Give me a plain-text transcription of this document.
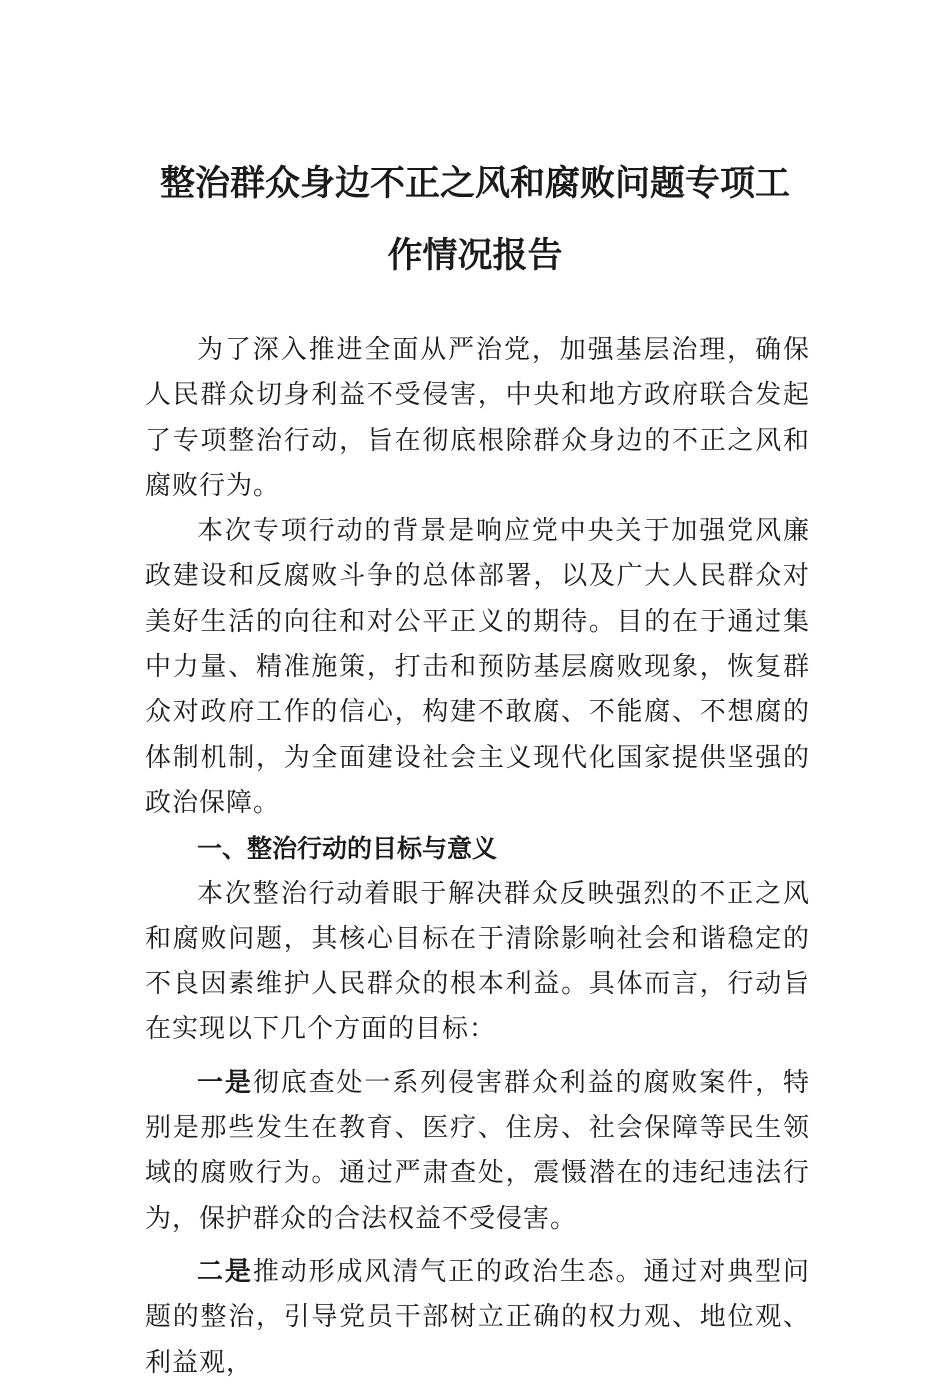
整治群众身边不正之风和腐败问题专项工
作情况报告

为了深入推进全面从严治党，加强基层治理，确保人民群众切身利益不受侵害，中央和地方政府联合发起了专项整治行动，旨在彻底根除群众身边的不正之风和腐败行为。

本次专项行动的背景是响应党中央关于加强党风廉政建设和反腐败斗争的总体部署，以及广大人民群众对美好生活的向往和对公平正义的期待。目的在于通过集中力量、精准施策，打击和预防基层腐败现象，恢复群众对政府工作的信心，构建不敢腐、不能腐、不想腐的体制机制，为全面建设社会主义现代化国家提供坚强的政治保障。

一、整治行动的目标与意义

本次整治行动着眼于解决群众反映强烈的不正之风和腐败问题，其核心目标在于清除影响社会和谐稳定的不良因素维护人民群众的根本利益。具体而言，行动旨在实现以下几个方面的目标：

一是彻底查处一系列侵害群众利益的腐败案件，特别是那些发生在教育、医疗、住房、社会保障等民生领域的腐败行为。通过严肃查处，震慑潜在的违纪违法行为，保护群众的合法权益不受侵害。

二是推动形成风清气正的政治生态。通过对典型问题的整治，引导党员干部树立正确的权力观、地位观、利益观，
